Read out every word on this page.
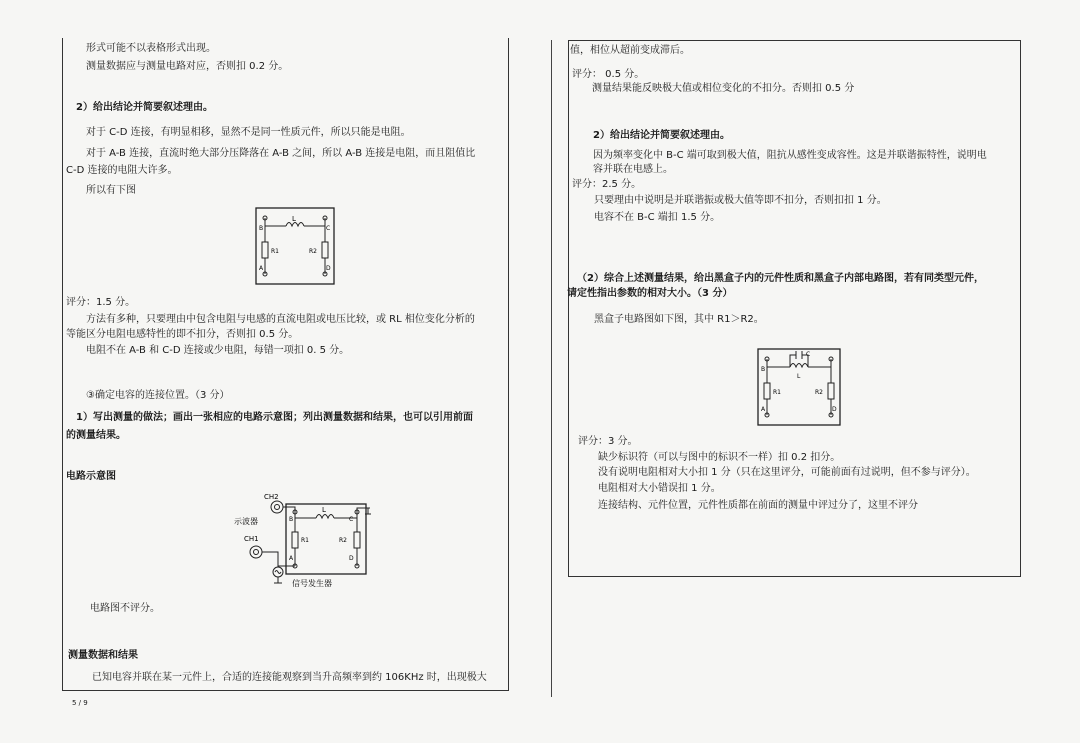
形式可能不以表格形式出现。
测量数据应与测量电路对应，否则扣 0.2 分。
2）给出结论并简要叙述理由。
对于 C-D 连接，有明显相移，显然不是同一性质元件，所以只能是电阻。
对于 A-B 连接，直流时绝大部分压降落在 A-B 之间，所以 A-B 连接是电阻，而且阻值比
C-D 连接的电阻大许多。
所以有下图
L
B	C
A	D
R1	R2
评分：1.5 分。
方法有多种，只要理由中包含电阻与电感的直流电阻或电压比较，或 RL 相位变化分析的
等能区分电阻电感特性的即不扣分，否则扣 0.5 分。
电阻不在 A-B 和 C-D 连接或少电阻，每错一项扣 0. 5 分。
③确定电容的连接位置。（3 分）
1）写出测量的做法；画出一张相应的电路示意图；列出测量数据和结果，也可以引用前面
的测量结果。
电路示意图
CH2
示波器
CH1
信号发生器
L
B	C
A	D
R1	R2
电路图不评分。
测量数据和结果
已知电容并联在某一元件上，合适的连接能观察到当升高频率到约 106KHz 时，出现极大
5 / 9
值，相位从超前变成滞后。
评分： 0.5 分。
测量结果能反映极大值或相位变化的不扣分。否则扣 0.5 分
2）给出结论并简要叙述理由。
因为频率变化中 B-C 端可取到极大值，阻抗从感性变成容性。这是并联谐振特性，说明电
容并联在电感上。
评分：2.5 分。
只要理由中说明是并联谐振或极大值等即不扣分，否则扣扣 1 分。
电容不在 B-C 端扣 1.5 分。
（2）综合上述测量结果，给出黑盒子内的元件性质和黑盒子内部电路图，若有同类型元件，
请定性指出参数的相对大小。（3 分）
黑盒子电路图如下图，其中 R1＞R2。
C
L
B
A	D
R1	R2
评分：3 分。
缺少标识符（可以与图中的标识不一样）扣 0.2 扣分。
没有说明电阻相对大小扣 1 分（只在这里评分，可能前面有过说明，但不参与评分）。
电阻相对大小错误扣 1 分。
连接结构、元件位置，元件性质都在前面的测量中评过分了，这里不评分
